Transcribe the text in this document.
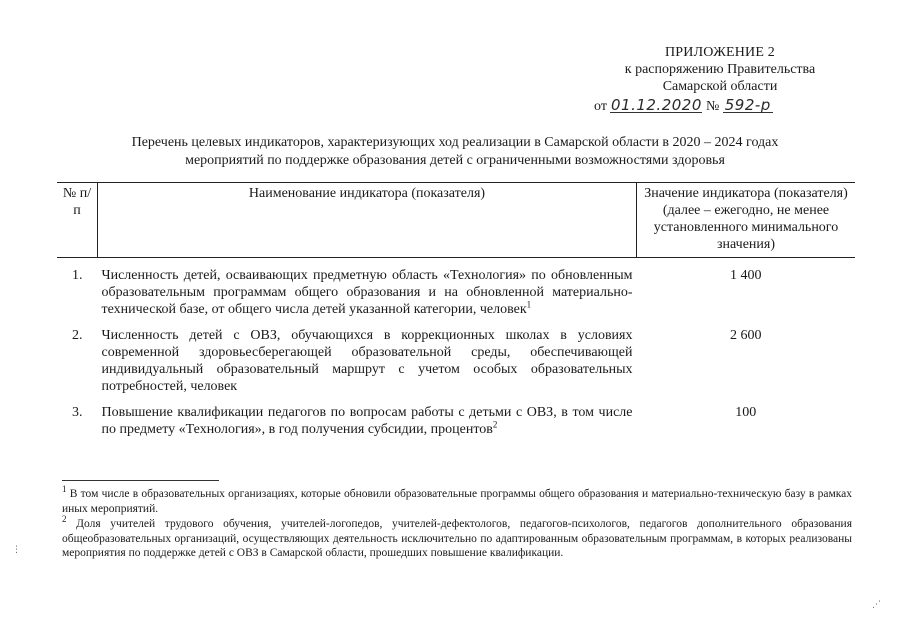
ПРИЛОЖЕНИЕ 2
к распоряжению Правительства
Самарской области
от 01.12.2020 № 592-р
Перечень целевых индикаторов, характеризующих ход реализации в Самарской области в 2020 – 2024 годах
мероприятий по поддержке образования детей с ограниченными возможностями здоровья
№ п/п	Наименование индикатора (показателя)	Значение индикатора (показателя) (далее – ежегодно, не менее установленного минимального значения)
1.	Численность детей, осваивающих предметную область «Технология» по обновленным образовательным программам общего образования и на обновленной материально-технической базе, от общего числа детей указанной категории, человек$^1$	1 400
2.	Численность детей с ОВЗ, обучающихся в коррекционных школах в условиях современной здоровьесберегающей образовательной среды, обеспечивающей индивидуальный образовательный маршрут с учетом особых образовательных потребностей, человек	2 600
3.	Повышение квалификации педагогов по вопросам работы с детьми с ОВЗ, в том числе по предмету «Технология», в год получения субсидии, процентов$^2$	100
$^1$ В том числе в образовательных организациях, которые обновили образовательные программы общего образования и материально-техническую базу в рамках иных мероприятий.
$^2$ Доля учителей трудового обучения, учителей-логопедов, учителей-дефектологов, педагогов-психологов, педагогов дополнительного образования общеобразовательных организаций, осуществляющих деятельность исключительно по адаптированным образовательным программам, в которых реализованы мероприятия по поддержке детей с ОВЗ в Самарской области, прошедших повышение квалификации.
⋮
⋰
